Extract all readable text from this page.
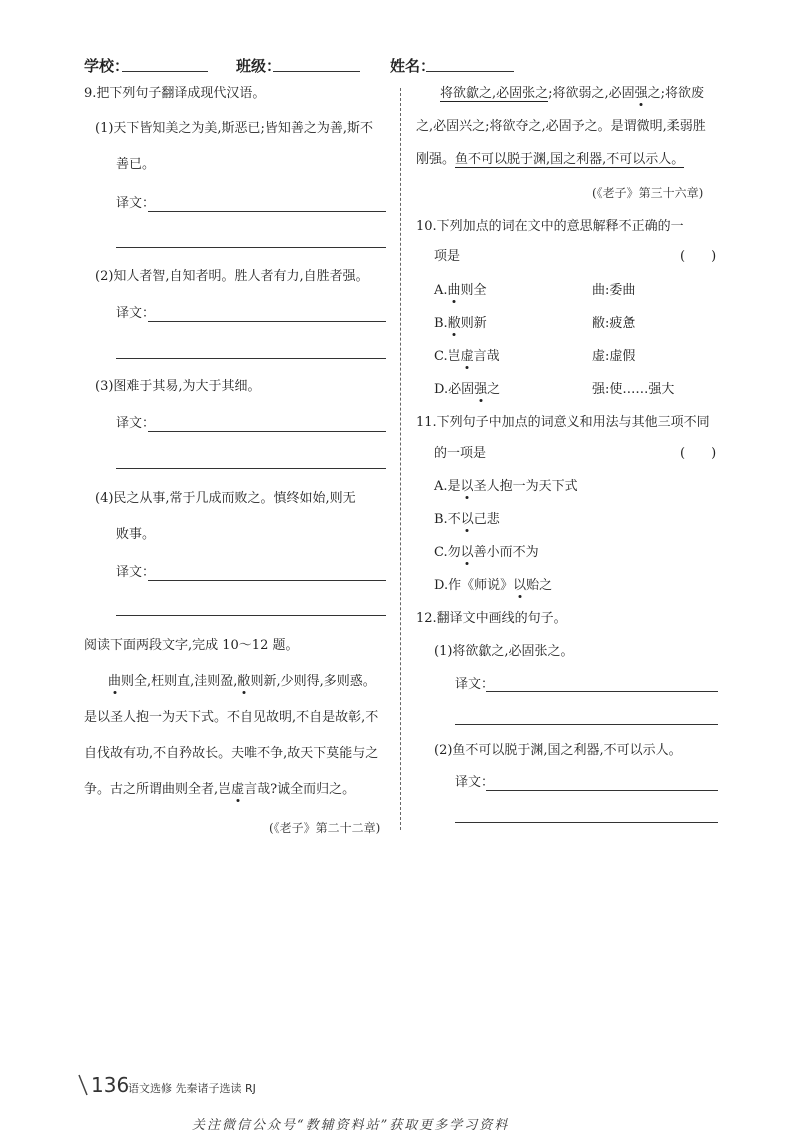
学校：	班级：	姓名：
9.把下列句子翻译成现代汉语。
(1)天下皆知美之为美,斯恶已;皆知善之为善,斯不
善已。
译文：
(2)知人者智,自知者明。胜人者有力,自胜者强。
译文：
(3)图难于其易,为大于其细。
译文：
(4)民之从事,常于几成而败之。慎终如始,则无
败事。
译文：
阅读下面两段文字,完成 10～12 题。
曲则全,枉则直,洼则盈,敝则新,少则得,多则惑。
是以圣人抱一为天下式。不自见故明,不自是故彰,不
自伐故有功,不自矜故长。夫唯不争,故天下莫能与之
争。古之所谓曲则全者,岂虚言哉?诚全而归之。
(《老子》第二十二章)
将欲歙之,必固张之;将欲弱之,必固强之;将欲废
之,必固兴之;将欲夺之,必固予之。是谓微明,柔弱胜
刚强。鱼不可以脱于渊,国之利器,不可以示人。
(《老子》第三十六章)
10.下列加点的词在文中的意思解释不正确的一
项是	(　　)
A.曲则全	曲:委曲
B.敝则新	敝:疲惫
C.岂虚言哉	虚:虚假
D.必固强之	强:使……强大
11.下列句子中加点的词意义和用法与其他三项不同
的一项是	(　　)
A.是以圣人抱一为天下式
B.不以己悲
C.勿以善小而不为
D.作《师说》以贻之
12.翻译文中画线的句子。
(1)将欲歙之,必固张之。
译文：
(2)鱼不可以脱于渊,国之利器,不可以示人。
译文：
136
语文选修 先秦诸子选读 RJ
关注微信公众号“教辅资料站”获取更多学习资料
